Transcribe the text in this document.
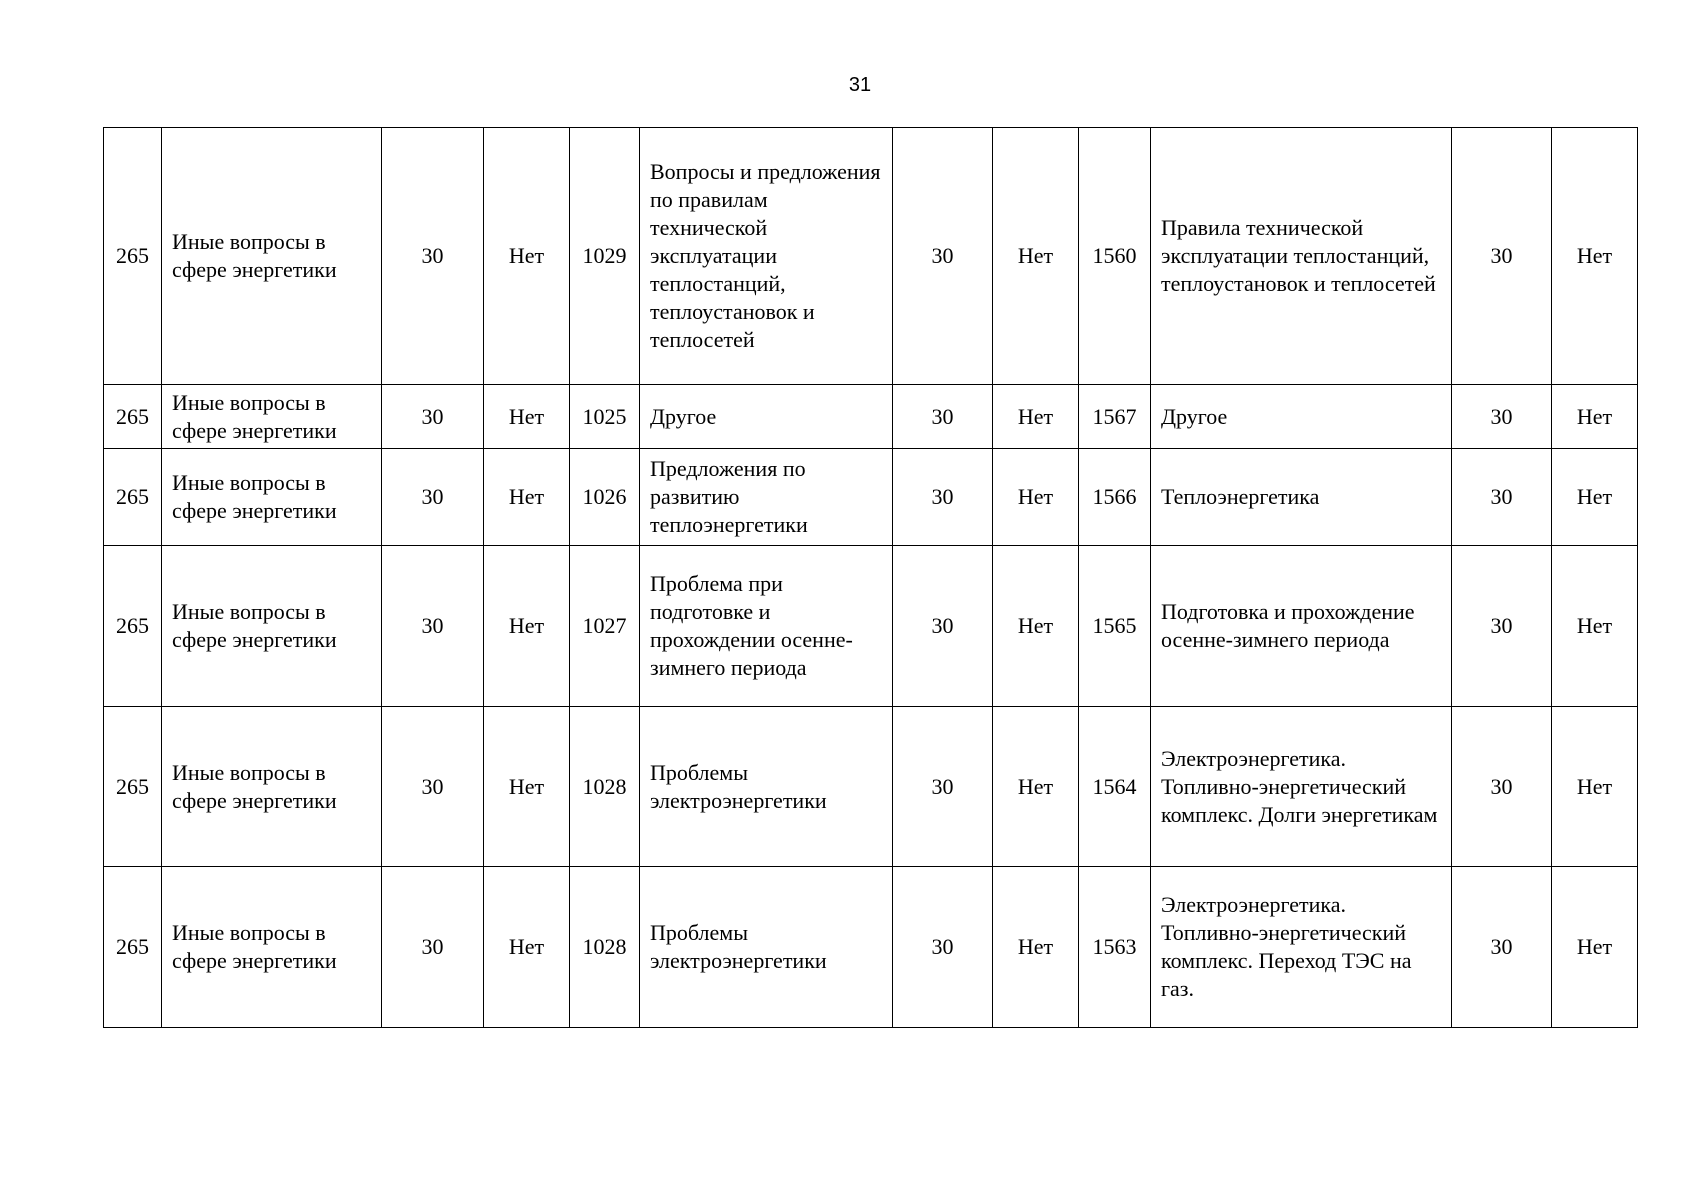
31
265	Иные вопросы в сфере энергетики	30	Нет	1029	Вопросы и предложения по правилам технической эксплуатации теплостанций, теплоустановок и теплосетей	30	Нет	1560	Правила технической эксплуатации теплостанций, теплоустановок и теплосетей	30	Нет
265	Иные вопросы в сфере энергетики	30	Нет	1025	Другое	30	Нет	1567	Другое	30	Нет
265	Иные вопросы в сфере энергетики	30	Нет	1026	Предложения по развитию теплоэнергетики	30	Нет	1566	Теплоэнергетика	30	Нет
265	Иные вопросы в сфере энергетики	30	Нет	1027	Проблема при подготовке и прохождении осенне-зимнего периода	30	Нет	1565	Подготовка и прохождение осенне-зимнего периода	30	Нет
265	Иные вопросы в сфере энергетики	30	Нет	1028	Проблемы электроэнергетики	30	Нет	1564	Электроэнергетика. Топливно-энергетический комплекс. Долги энергетикам	30	Нет
265	Иные вопросы в сфере энергетики	30	Нет	1028	Проблемы электроэнергетики	30	Нет	1563	Электроэнергетика. Топливно-энергетический комплекс. Переход ТЭС на газ.	30	Нет
